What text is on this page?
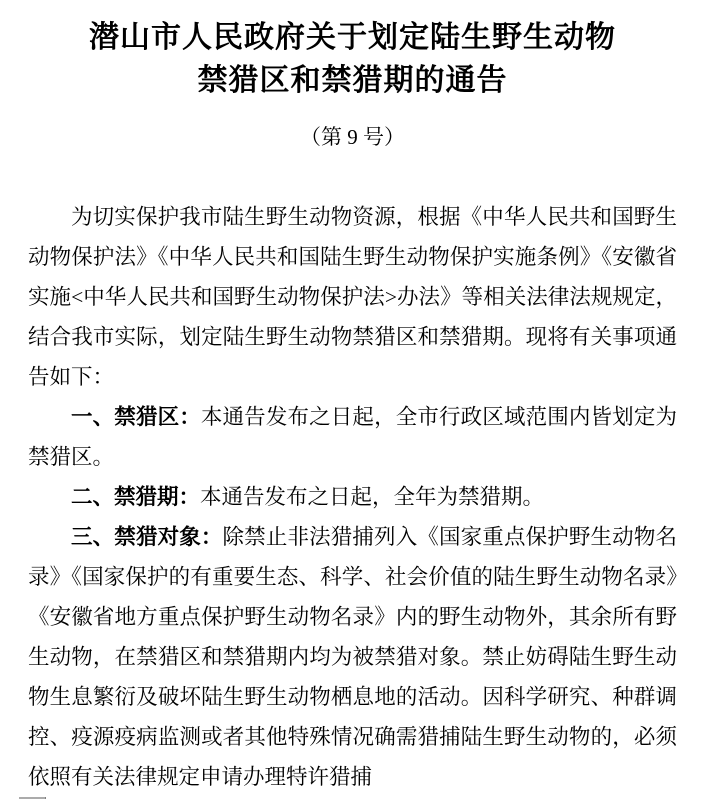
潜山市人民政府关于划定陆生野生动物
禁猎区和禁猎期的通告
（第 9 号）

为切实保护我市陆生野生动物资源，根据《中华人民共和国野生动物保护法》《中华人民共和国陆生野生动物保护实施条例》《安徽省实施<中华人民共和国野生动物保护法>办法》等相关法律法规规定，结合我市实际，划定陆生野生动物禁猎区和禁猎期。现将有关事项通告如下：

一、禁猎区：本通告发布之日起，全市行政区域范围内皆划定为禁猎区。

二、禁猎期：本通告发布之日起，全年为禁猎期。

三、禁猎对象：除禁止非法猎捕列入《国家重点保护野生动物名录》《国家保护的有重要生态、科学、社会价值的陆生野生动物名录》《安徽省地方重点保护野生动物名录》内的野生动物外，其余所有野生动物，在禁猎区和禁猎期内均为被禁猎对象。禁止妨碍陆生野生动物生息繁衍及破坏陆生野生动物栖息地的活动。因科学研究、种群调控、疫源疫病监测或者其他特殊情况确需猎捕陆生野生动物的，必须依照有关法律规定申请办理特许猎捕
